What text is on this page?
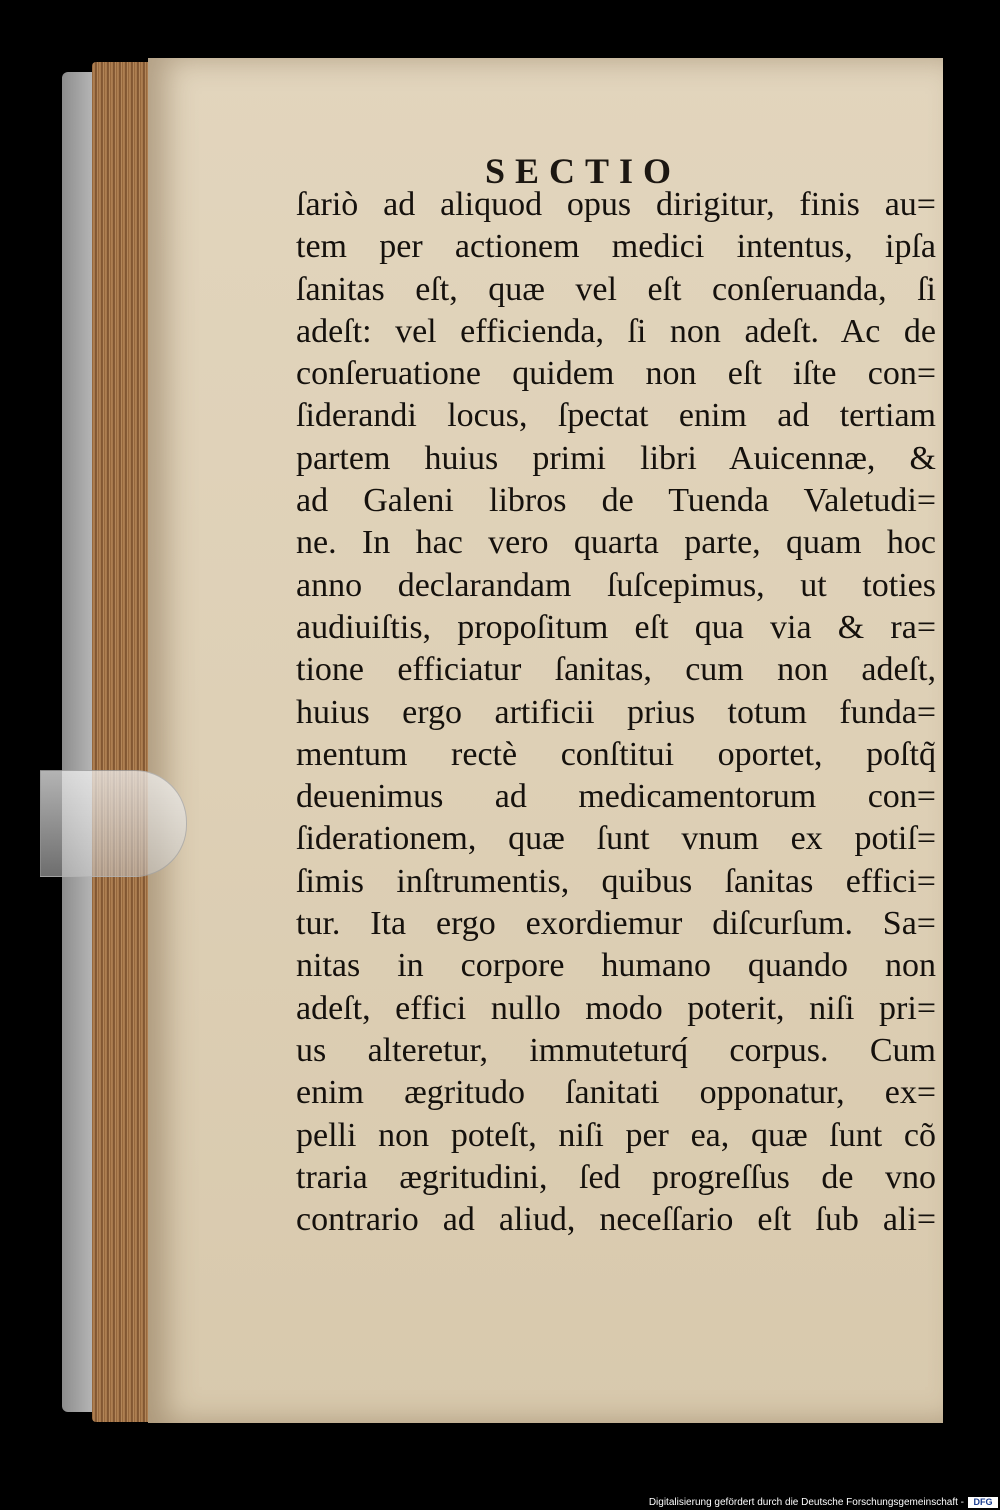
SECTIO
ſariò ad aliquod opus dirigitur, finis au=
tem per actionem medici intentus, ipſa
ſanitas eſt, quæ vel eſt conſeruanda, ſi
adeſt: vel efficienda, ſi non adeſt. Ac de
conſeruatione quidem non eſt iſte con=
ſiderandi locus, ſpectat enim ad tertiam
partem huius primi libri Auicennæ, &
ad Galeni libros de Tuenda Valetudi=
ne. In hac vero quarta parte, quam hoc
anno declarandam ſuſcepimus, ut toties
audiuiſtis, propoſitum eſt qua via & ra=
tione efficiatur ſanitas, cum non adeſt,
huius ergo artificii prius totum funda=
mentum rectè conſtitui oportet, poſtq̃
deuenimus ad medicamentorum con=
ſiderationem, quæ ſunt vnum ex potiſ=
ſimis inſtrumentis, quibus ſanitas effici=
tur. Ita ergo exordiemur diſcurſum. Sa=
nitas in corpore humano quando non
adeſt, effici nullo modo poterit, niſi pri=
us alteretur, immuteturq́ corpus. Cum
enim ægritudo ſanitati opponatur, ex=
pelli non poteſt, niſi per ea, quæ ſunt cõ
traria ægritudini, ſed progreſſus de vno
contrario ad aliud, neceſſario eſt ſub ali=
Digitalisierung gefördert durch die Deutsche Forschungsgemeinschaft -	DFG
